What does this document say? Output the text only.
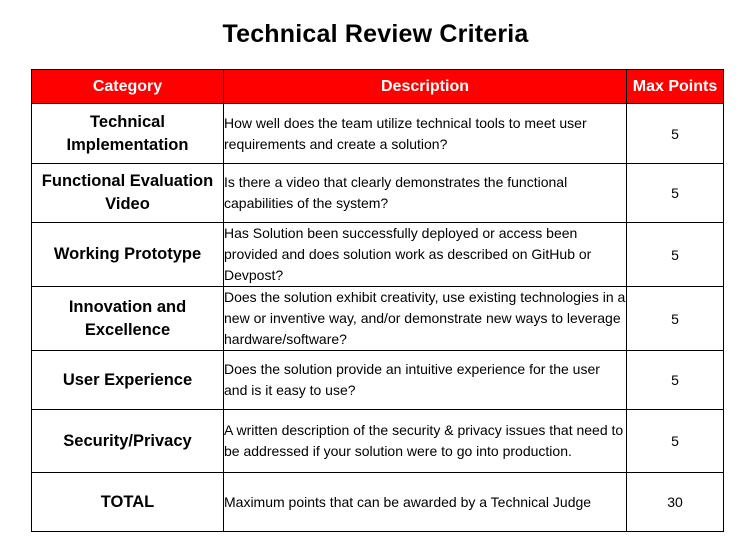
Technical Review Criteria
Category	Description	Max Points
Technical Implementation	How well does the team utilize technical tools to meet user requirements and create a solution?	5
Functional Evaluation Video	Is there a video that clearly demonstrates the functional capabilities of the system?	5
Working Prototype	Has Solution been successfully deployed or access been provided and does solution work as described on GitHub or Devpost?	5
Innovation and Excellence	Does the solution exhibit creativity, use existing technologies in a new or inventive way, and/or demonstrate new ways to leverage hardware/software?	5
User Experience	Does the solution provide an intuitive experience for the user and is it easy to use?	5
Security/Privacy	A written description of the security & privacy issues that need to be addressed if your solution were to go into production.	5
TOTAL	Maximum points that can be awarded by a Technical Judge	30
